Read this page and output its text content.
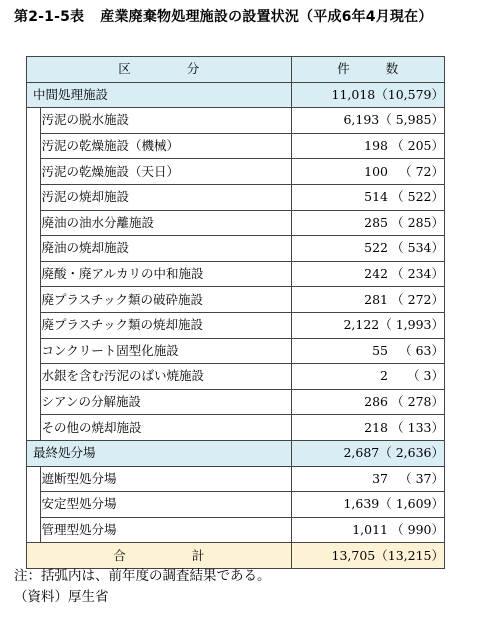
第2-1-5表 産業廃棄物処理施設の設置状況（平成6年4月現在）
区 分		件 数
中間処理施設		11,018（10,579）
	汚泥の脱水施設	6,193（ 5,985）
	汚泥の乾燥施設（機械）	198 （ 205）
	汚泥の乾燥施設（天日）	100 （ 72）
	汚泥の焼却施設	514 （ 522）
	廃油の油水分離施設	285 （ 285）
	廃油の焼却施設	522 （ 534）
	廃酸・廃アルカリの中和施設	242 （ 234）
	廃プラスチック類の破砕施設	281 （ 272）
	廃プラスチック類の焼却施設	2,122（ 1,993）
	コンクリート固型化施設	55 （ 63）
	水銀を含む汚泥のばい焼施設	2 （ 3）
	シアンの分解施設	286 （ 278）
	その他の焼却施設	218 （ 133）
最終処分場		2,687（ 2,636）
	遮断型処分場	37 （ 37）
	安定型処分場	1,639（ 1,609）
	管理型処分場	1,011 （ 990）
合 計		13,705（13,215）
注：括弧内は、前年度の調査結果である。
（資料）厚生省
